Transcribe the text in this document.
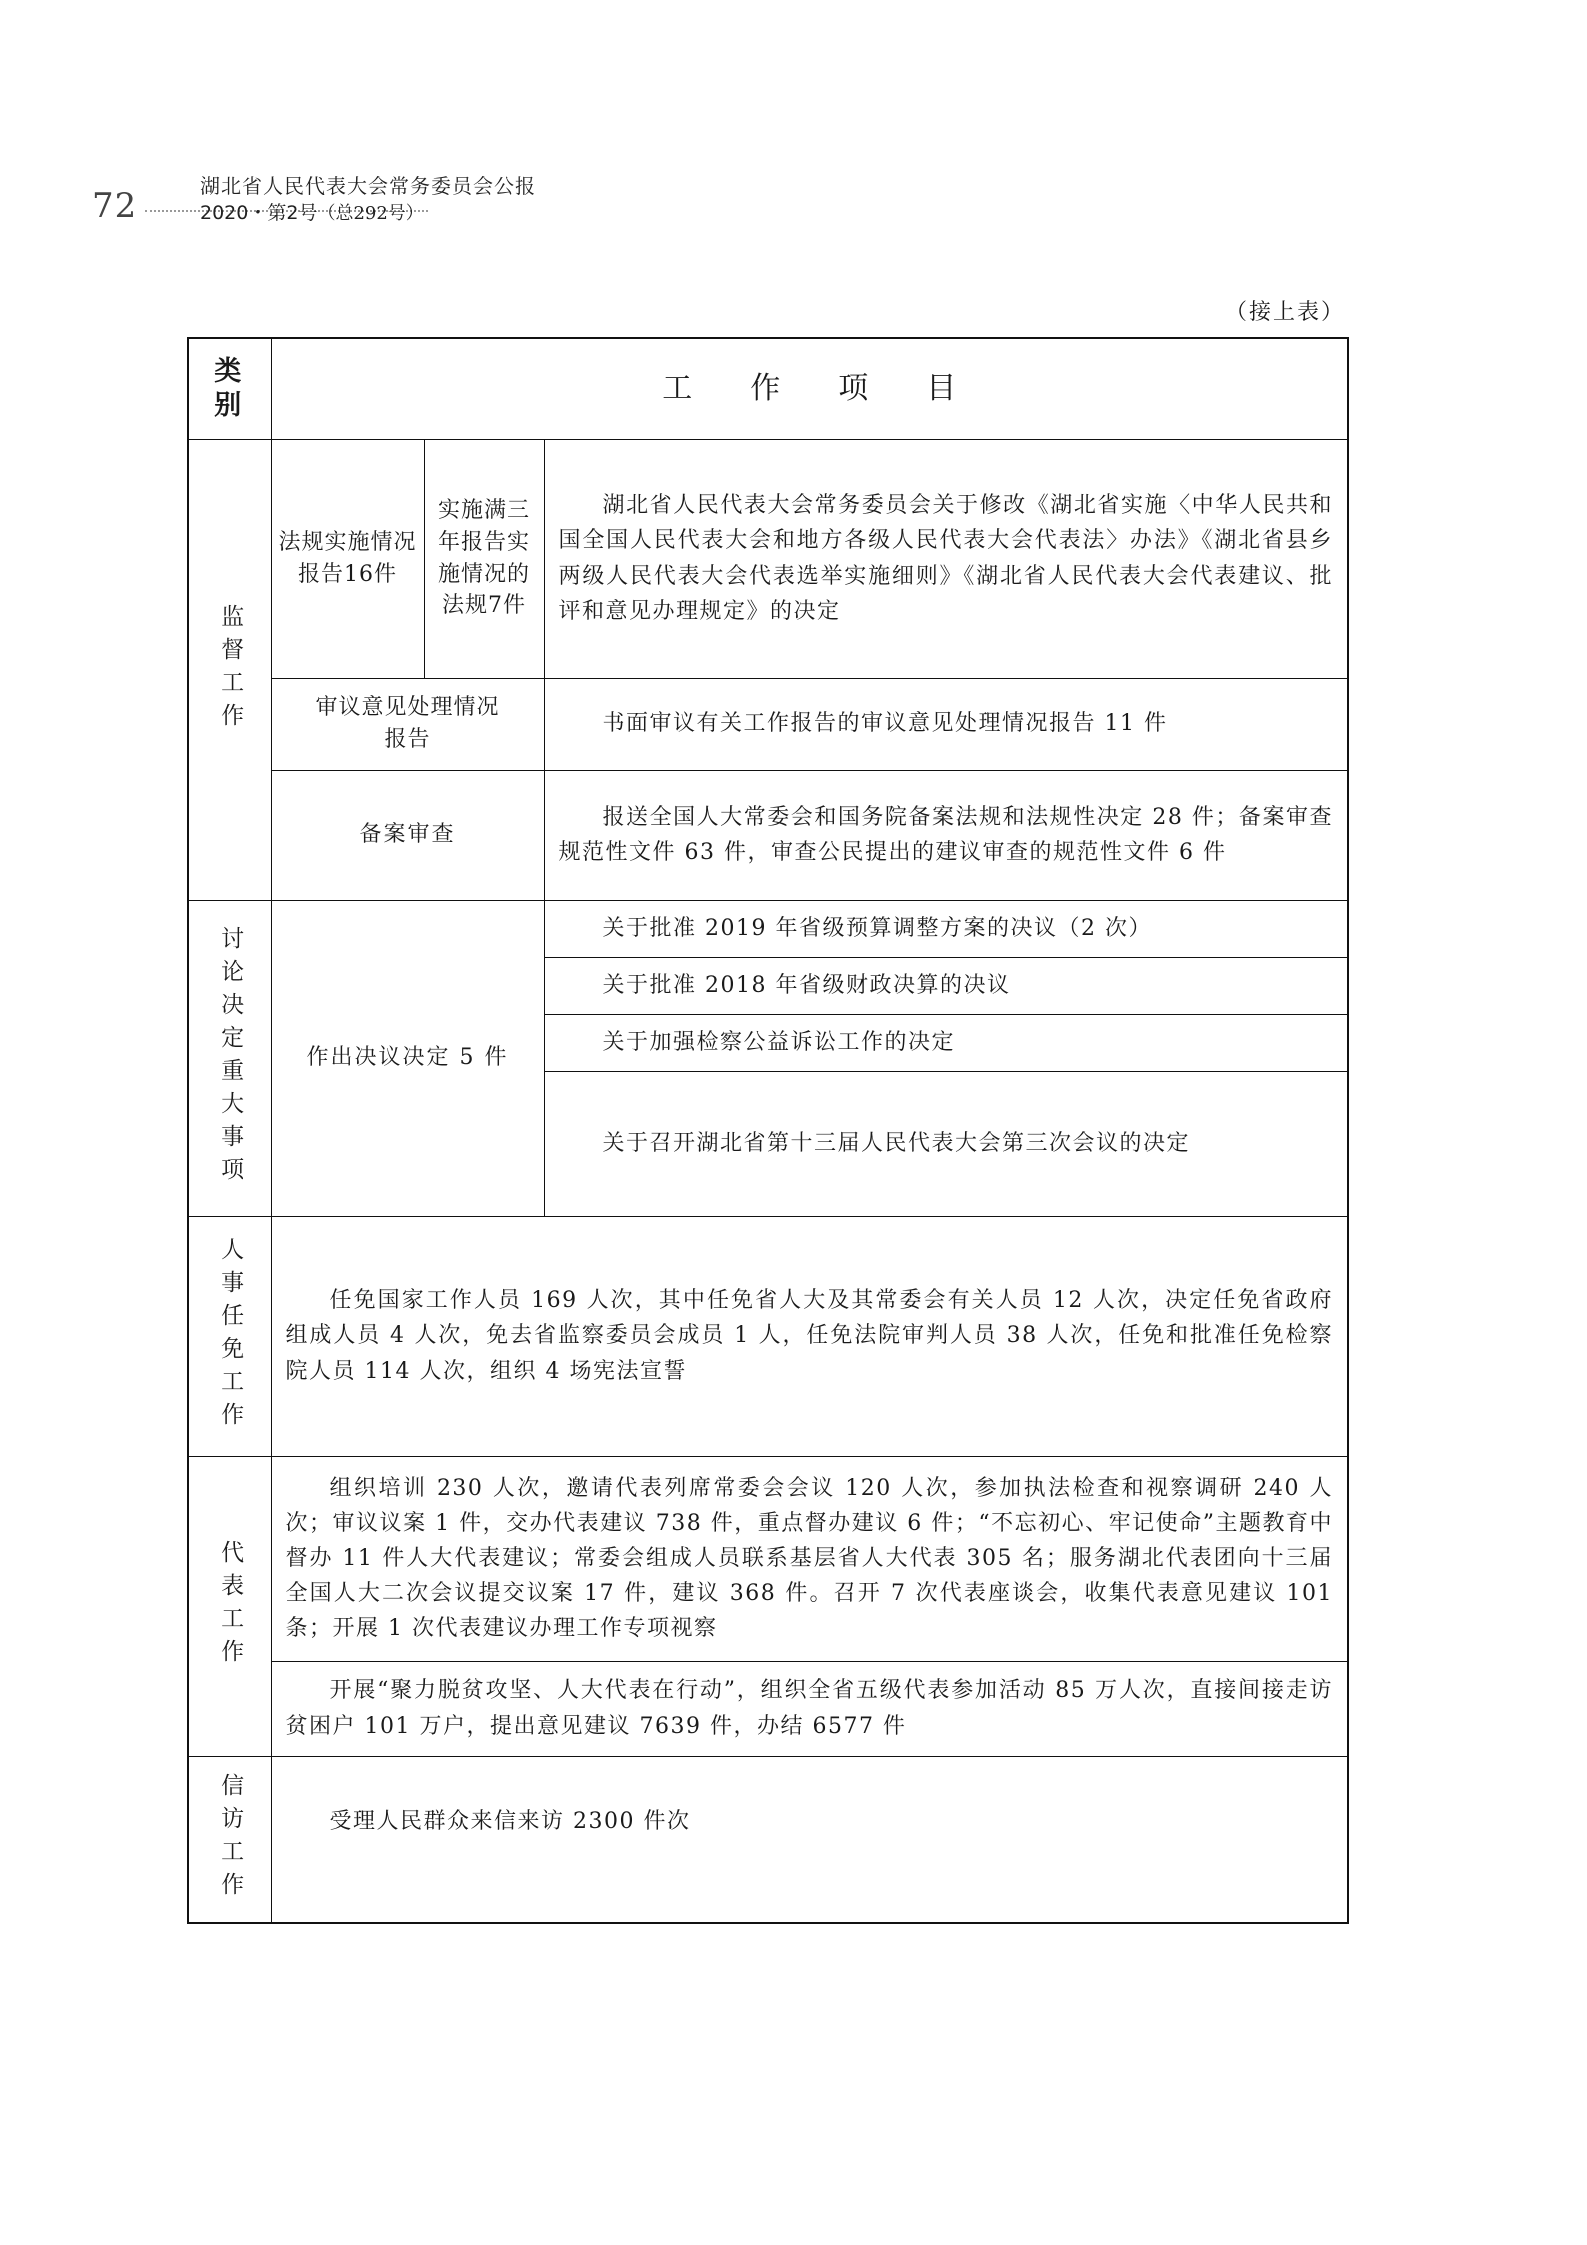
72	湖北省人民代表大会常务委员会公报
2020・第2号（总292号）
（接上表）
类别	工作项目		

监督工作	法规实施情况报告16件	实施满三年报告实施情况的法规7件	湖北省人民代表大会常务委员会关于修改《湖北省实施〈中华人民共和国全国人民代表大会和地方各级人民代表大会代表法〉办法》《湖北省县乡两级人民代表大会代表选举实施细则》《湖北省人民代表大会代表建议、批评和意见办理规定》的决定
	审议意见处理情况报告		书面审议有关工作报告的审议意见处理情况报告 11 件
	备案审查		报送全国人大常委会和国务院备案法规和法规性决定 28 件；备案审查规范性文件 63 件，审查公民提出的建议审查的规范性文件 6 件

讨论决定重大事项	作出决议决定 5 件		关于批准 2019 年省级预算调整方案的决议（2 次）
			关于批准 2018 年省级财政决算的决议
			关于加强检察公益诉讼工作的决定
			关于召开湖北省第十三届人民代表大会第三次会议的决定

人事任免工作	任免国家工作人员 169 人次，其中任免省人大及其常委会有关人员 12 人次，决定任免省政府组成人员 4 人次，免去省监察委员会成员 1 人，任免法院审判人员 38 人次，任免和批准任免检察院人员 114 人次，组织 4 场宪法宣誓		

代表工作	组织培训 230 人次，邀请代表列席常委会会议 120 人次，参加执法检查和视察调研 240 人次；审议议案 1 件，交办代表建议 738 件，重点督办建议 6 件；“不忘初心、牢记使命”主题教育中督办 11 件人大代表建议；常委会组成人员联系基层省人大代表 305 名；服务湖北代表团向十三届全国人大二次会议提交议案 17 件，建议 368 件。召开 7 次代表座谈会，收集代表意见建议 101 条；开展 1 次代表建议办理工作专项视察		
	开展“聚力脱贫攻坚、人大代表在行动”，组织全省五级代表参加活动 85 万人次，直接间接走访贫困户 101 万户，提出意见建议 7639 件，办结 6577 件		

信访工作	受理人民群众来信来访 2300 件次		
